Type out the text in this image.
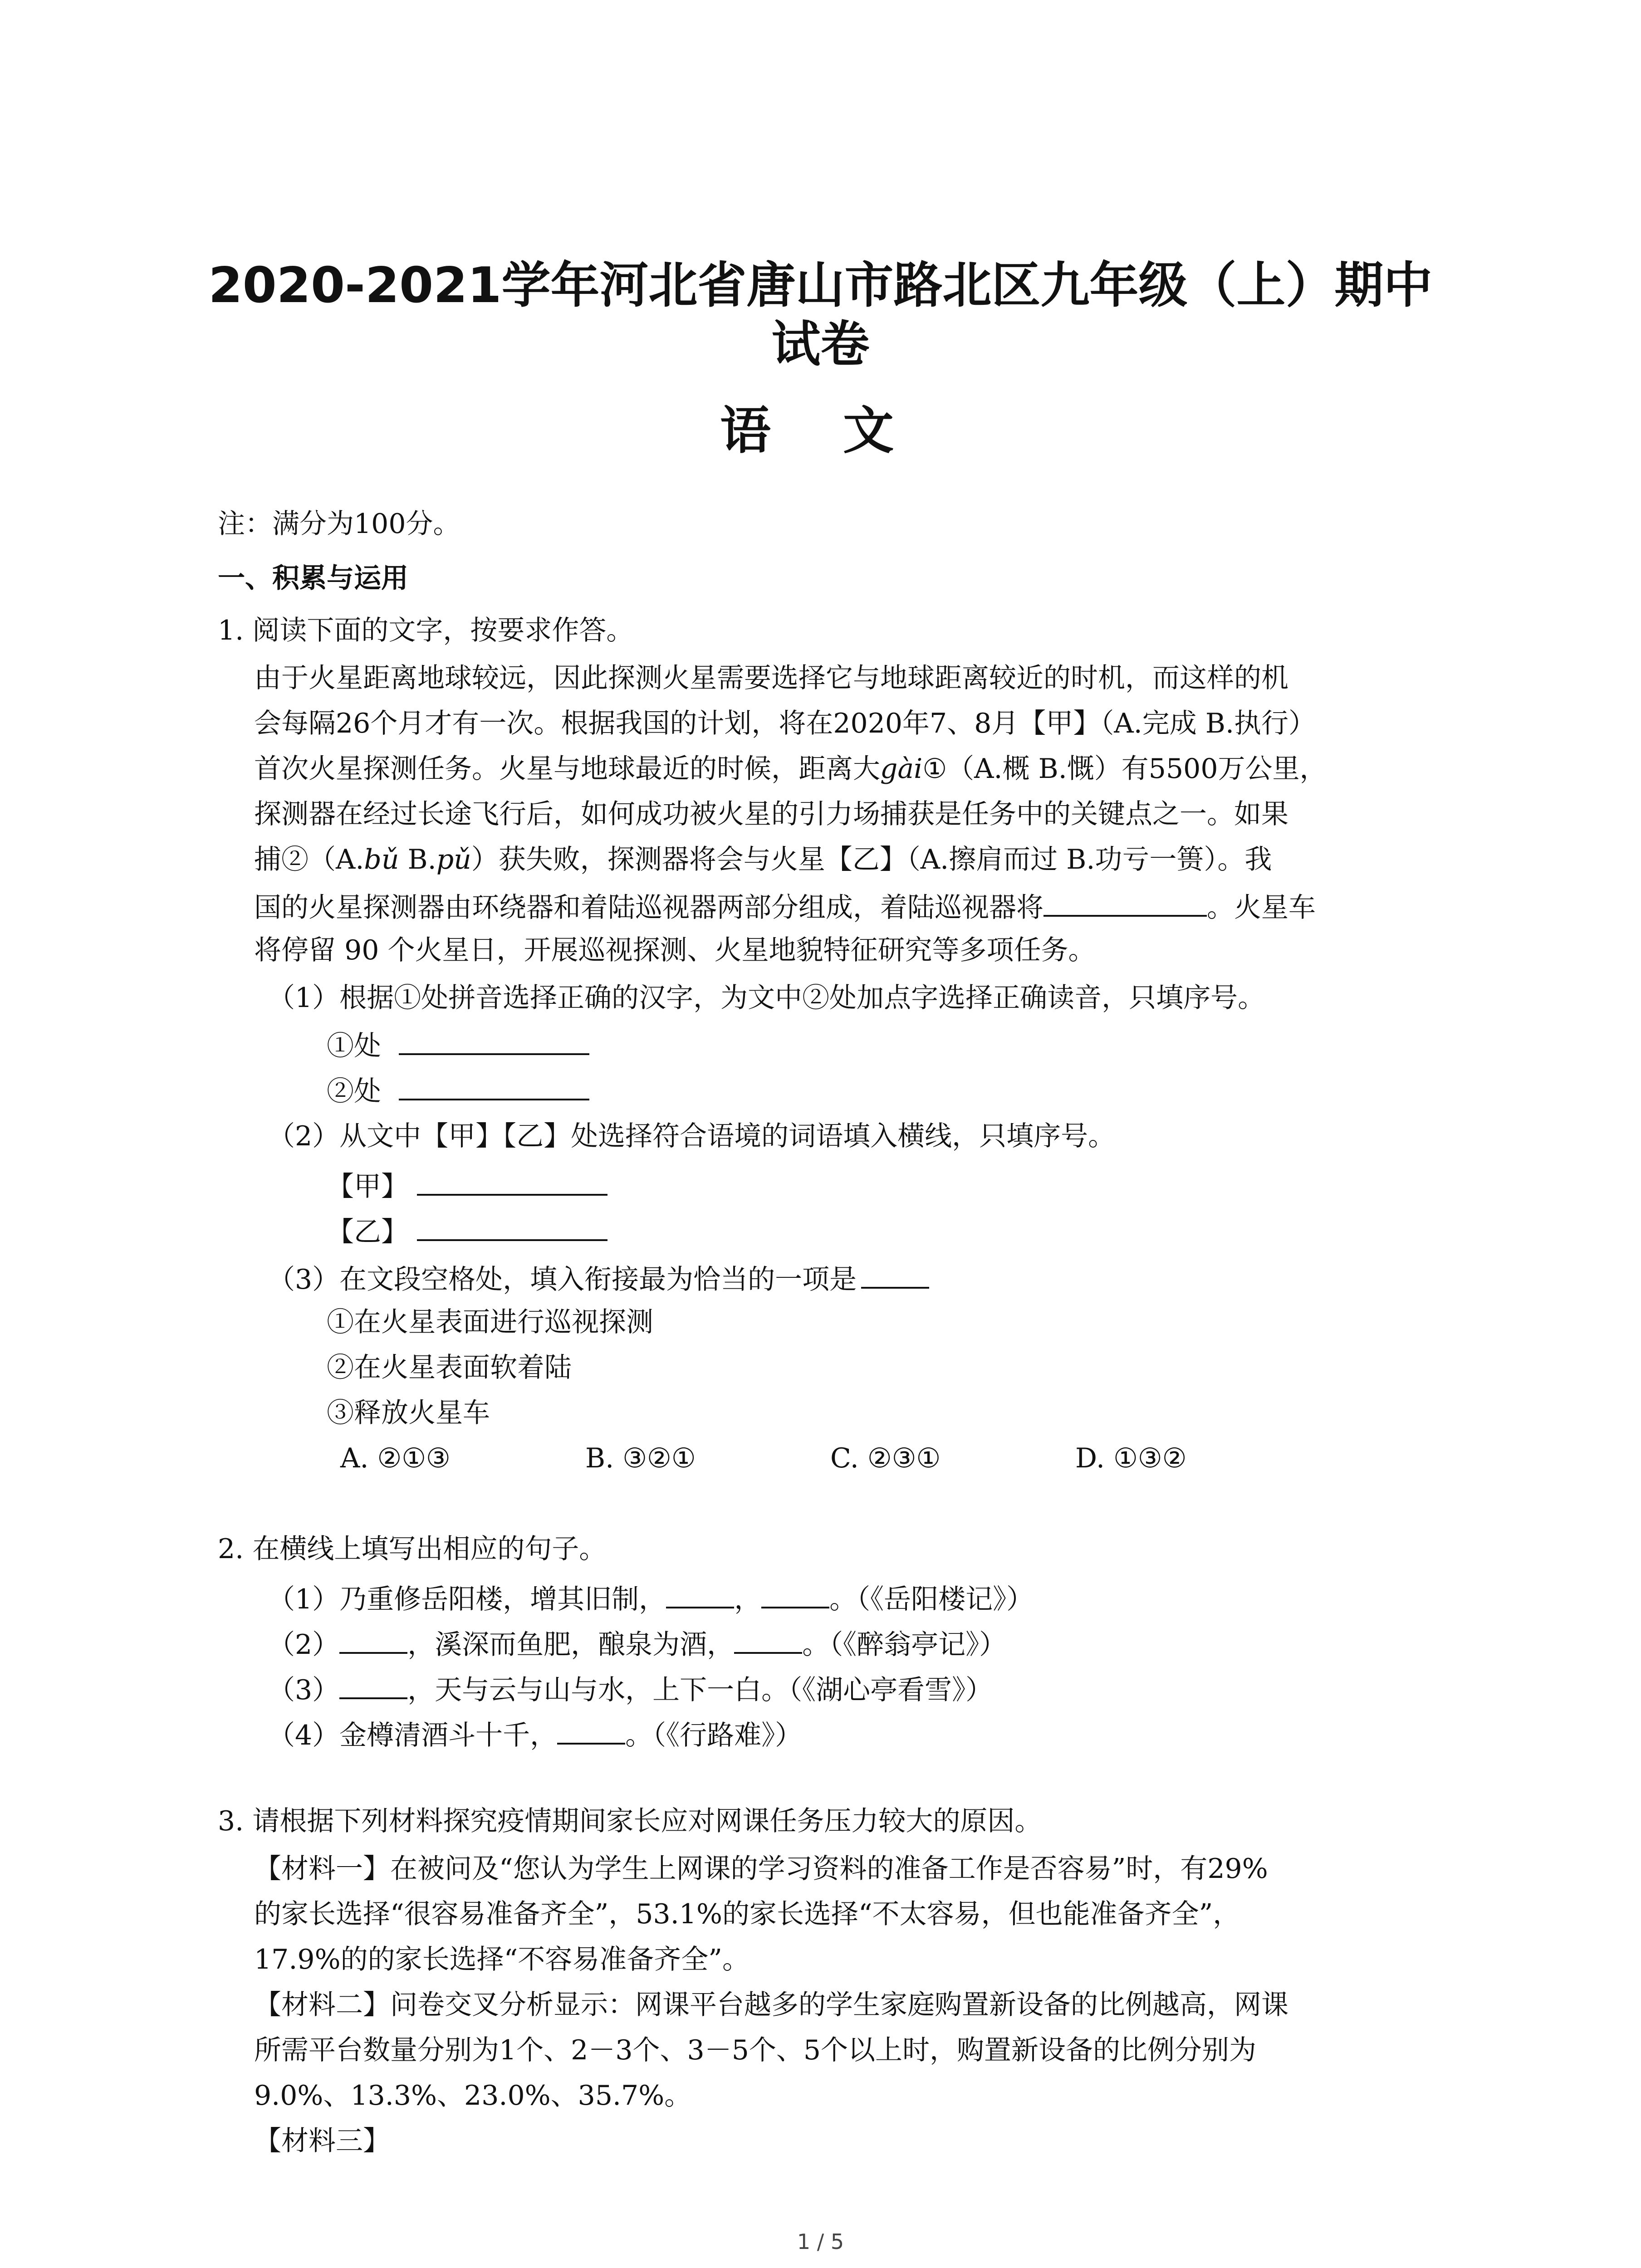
2020-2021学年河北省唐山市路北区九年级（上）期中
试卷
语 文
注：满分为100分。
一、积累与运用
1. 阅读下面的文字，按要求作答。
由于火星距离地球较远，因此探测火星需要选择它与地球距离较近的时机，而这样的机
会每隔26个月才有一次。根据我国的计划，将在2020年7、8月【甲】（A.完成 B.执行）
首次火星探测任务。火星与地球最近的时候，距离大gài①（A.概 B.慨）有5500万公里，
探测器在经过长途飞行后，如何成功被火星的引力场捕获是任务中的关键点之一。如果
捕②（A.bǔ B.pǔ）获失败，探测器将会与火星【乙】（A.擦肩而过 B.功亏一篑）。我
国的火星探测器由环绕器和着陆巡视器两部分组成，着陆巡视器将	。火星车
将停留 90 个火星日，开展巡视探测、火星地貌特征研究等多项任务。
（1）根据①处拼音选择正确的汉字，为文中②处加点字选择正确读音，只填序号。
①处
②处
（2）从文中【甲】【乙】处选择符合语境的词语填入横线，只填序号。
【甲】
【乙】
（3）在文段空格处，填入衔接最为恰当的一项是
①在火星表面进行巡视探测
②在火星表面软着陆
③释放火星车
A. ②①③	B. ③②①	C. ②③①	D. ①③②
2. 在横线上填写出相应的句子。
（1）乃重修岳阳楼，增其旧制，	，	。（《岳阳楼记》）
（2）	，溪深而鱼肥，酿泉为酒，	。（《醉翁亭记》）
（3）	，天与云与山与水，上下一白。（《湖心亭看雪》）
（4）金樽清酒斗十千，	。（《行路难》）
3. 请根据下列材料探究疫情期间家长应对网课任务压力较大的原因。
【材料一】在被问及“您认为学生上网课的学习资料的准备工作是否容易”时，有29%
的家长选择“很容易准备齐全”，53.1%的家长选择“不太容易，但也能准备齐全”，
17.9%的的家长选择“不容易准备齐全”。
【材料二】问卷交叉分析显示：网课平台越多的学生家庭购置新设备的比例越高，网课
所需平台数量分别为1个、2－3个、3－5个、5个以上时，购置新设备的比例分别为
9.0%、13.3%、23.0%、35.7%。
【材料三】
1 / 5
